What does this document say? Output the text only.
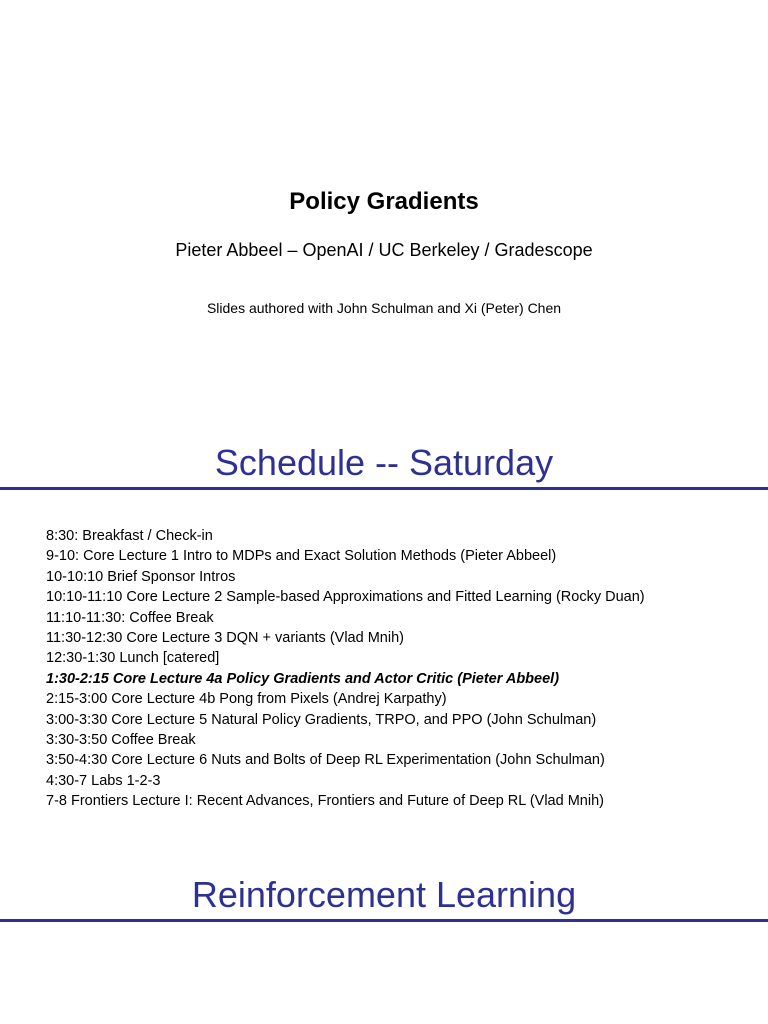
Policy Gradients
Pieter Abbeel – OpenAI / UC Berkeley / Gradescope
Slides authored with John Schulman and Xi (Peter) Chen
Schedule -- Saturday
8:30: Breakfast / Check-in
9-10: Core Lecture 1 Intro to MDPs and Exact Solution Methods (Pieter Abbeel)
10-10:10 Brief Sponsor Intros
10:10-11:10 Core Lecture 2 Sample-based Approximations and Fitted Learning (Rocky Duan)
11:10-11:30: Coffee Break
11:30-12:30 Core Lecture 3 DQN + variants (Vlad Mnih)
12:30-1:30 Lunch [catered]
1:30-2:15 Core Lecture 4a Policy Gradients and Actor Critic (Pieter Abbeel)
2:15-3:00 Core Lecture 4b Pong from Pixels (Andrej Karpathy)
3:00-3:30 Core Lecture 5 Natural Policy Gradients, TRPO, and PPO (John Schulman)
3:30-3:50 Coffee Break
3:50-4:30 Core Lecture 6 Nuts and Bolts of Deep RL Experimentation (John Schulman)
4:30-7 Labs 1-2-3
7-8 Frontiers Lecture I: Recent Advances, Frontiers and Future of Deep RL (Vlad Mnih)
Reinforcement Learning
